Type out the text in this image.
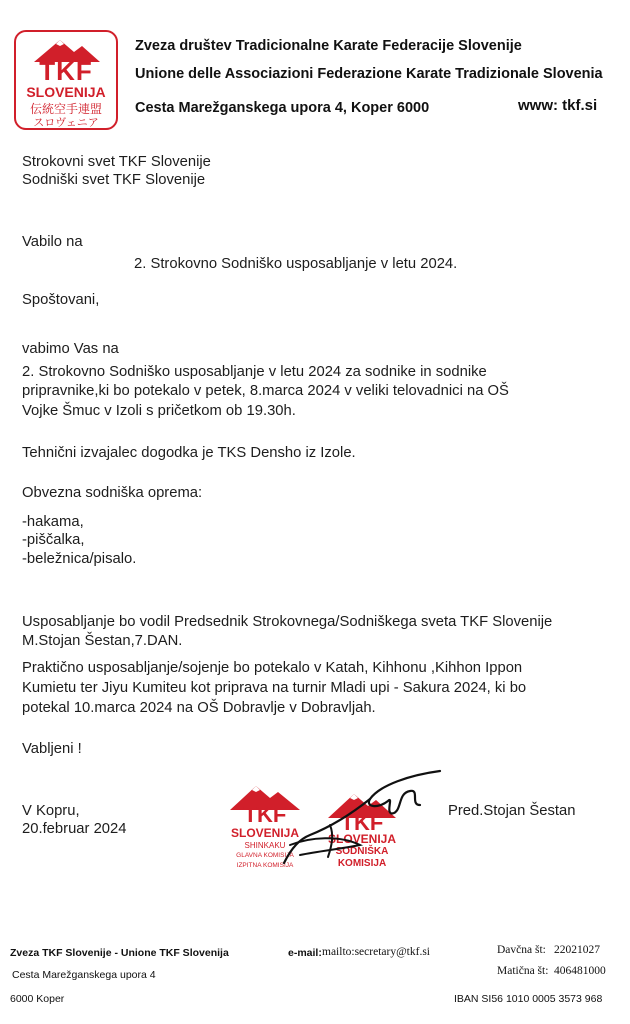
TKF
SLOVENIJA
伝統空手連盟
スロヴェニア
Zveza društev Tradicionalne Karate Federacije Slovenije
Unione delle Associazioni Federazione Karate Tradizionale Slovenia
Cesta Marežganskega upora 4, Koper 6000	www: tkf.si
Strokovni svet TKF Slovenije
Sodniški svet TKF Slovenije
Vabilo na
2. Strokovno Sodniško usposabljanje v letu 2024.
Spoštovani,
vabimo Vas na
2. Strokovno Sodniško usposabljanje v letu 2024 za sodnike in sodnike
pripravnike,ki bo potekalo v petek, 8.marca 2024 v veliki telovadnici na OŠ
Vojke Šmuc v Izoli s pričetkom ob 19.30h.
Tehnični izvajalec dogodka je TKS Densho iz Izole.
Obvezna sodniška oprema:
-hakama,
-piščalka,
-beležnica/pisalo.
Usposabljanje bo vodil Predsednik Strokovnega/Sodniškega sveta TKF Slovenije
M.Stojan Šestan,7.DAN.
Praktično usposabljanje/sojenje bo potekalo v Katah, Kihhonu ,Kihhon Ippon
Kumietu ter Jiyu Kumiteu kot priprava na turnir Mladi upi - Sakura 2024, ki bo
potekal 10.marca 2024 na OŠ Dobravlje v Dobravljah.
Vabljeni !
V Kopru,
20.februar 2024
Pred.Stojan Šestan
TKF
SLOVENIJA
SHINKAKU
GLAVNA KOMISIJA
IZPITNA KOMISIJA
TKF
SLOVENIJA
SODNIŠKA
KOMISIJA
Zveza TKF Slovenije - Unione TKF Slovenija	e-mail: mailto:secretary@tkf.si	Davčna št: 22021027
Cesta Marežganskega upora 4	Matična št: 406481000
6000 Koper	IBAN SI56 1010 0005 3573 968
